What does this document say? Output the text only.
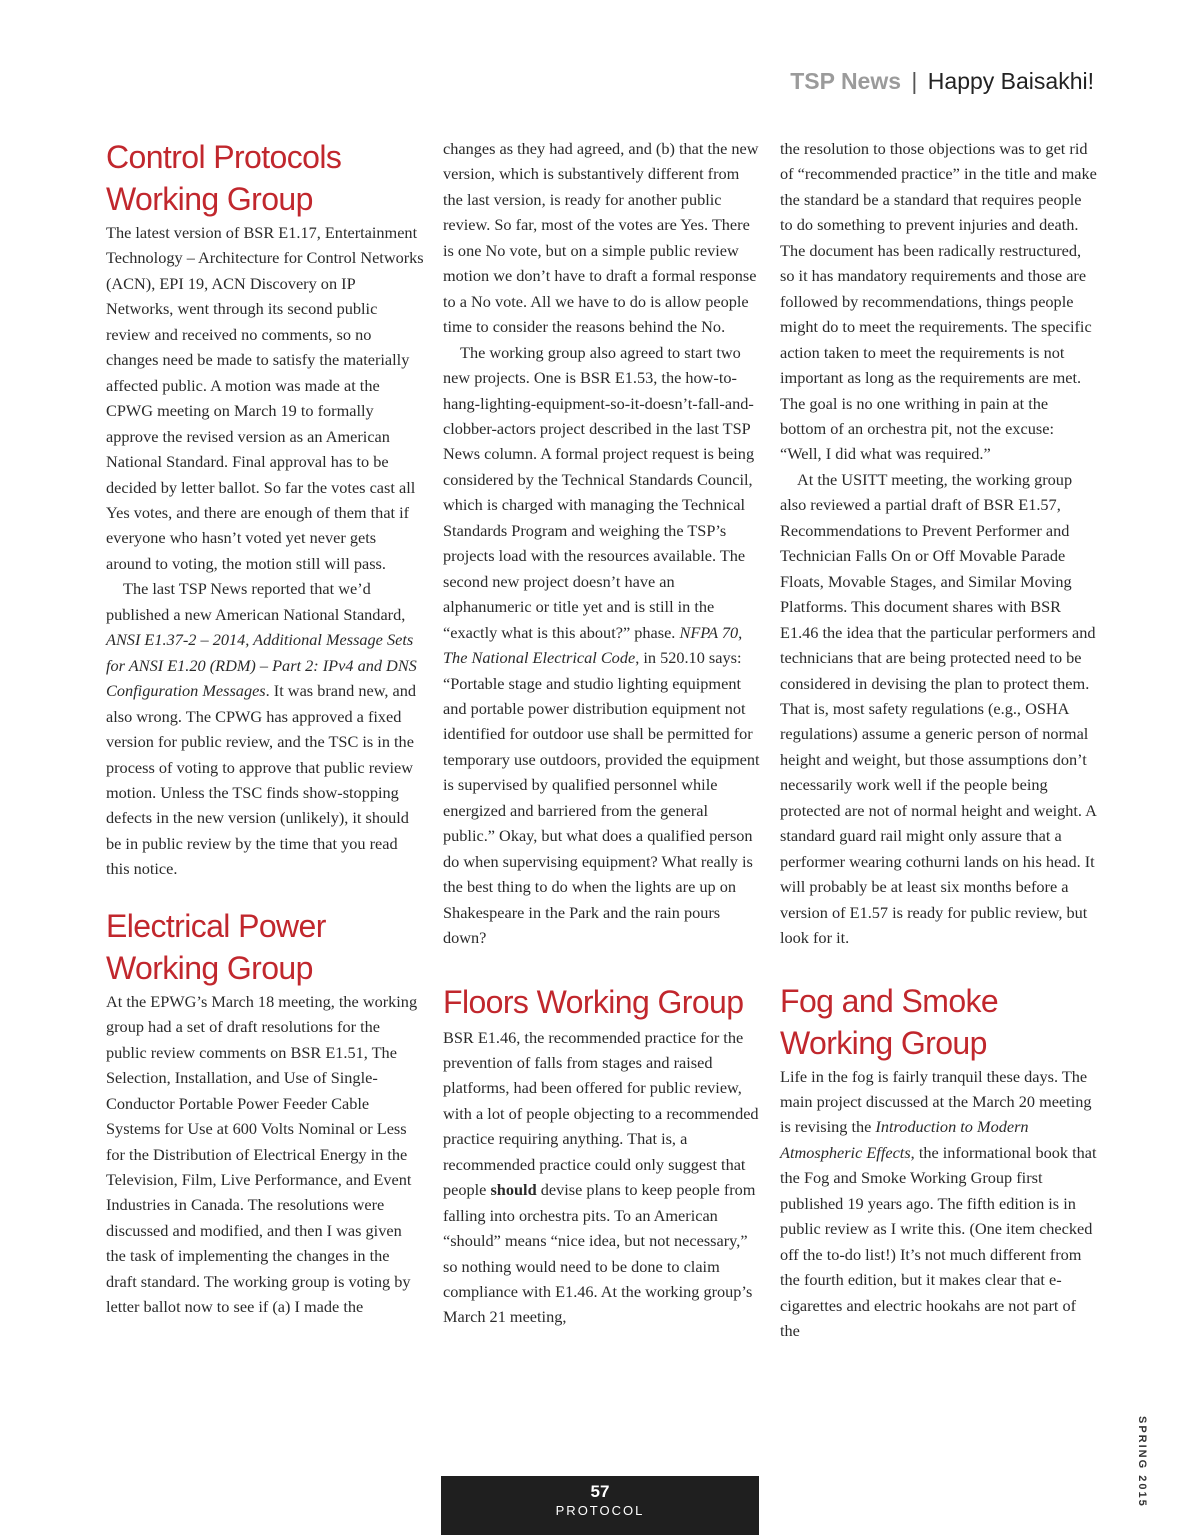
TSP News | Happy Baisakhi!
Control Protocols Working Group

The latest version of BSR E1.17, Entertainment Technology – Architecture for Control Networks (ACN), EPI 19, ACN Discovery on IP Networks, went through its second public review and received no comments, so no changes need be made to satisfy the materially affected public. A motion was made at the CPWG meeting on March 19 to formally approve the revised version as an American National Standard. Final approval has to be decided by letter ballot. So far the votes cast all Yes votes, and there are enough of them that if everyone who hasn’t voted yet never gets around to voting, the motion still will pass.

The last TSP News reported that we’d published a new American National Standard, ANSI E1.37-2 – 2014, Additional Message Sets for ANSI E1.20 (RDM) – Part 2: IPv4 and DNS Configuration Messages. It was brand new, and also wrong. The CPWG has approved a fixed version for public review, and the TSC is in the process of voting to approve that public review motion. Unless the TSC finds show-stopping defects in the new version (unlikely), it should be in public review by the time that you read this notice.

Electrical Power Working Group

At the EPWG’s March 18 meeting, the working group had a set of draft resolutions for the public review comments on BSR E1.51, The Selection, Installation, and Use of Single-Conductor Portable Power Feeder Cable Systems for Use at 600 Volts Nominal or Less for the Distribution of Electrical Energy in the Television, Film, Live Performance, and Event Industries in Canada. The resolutions were discussed and modified, and then I was given the task of implementing the changes in the draft standard. The working group is voting by letter ballot now to see if (a) I made the

changes as they had agreed, and (b) that the new version, which is substantively different from the last version, is ready for another public review. So far, most of the votes are Yes. There is one No vote, but on a simple public review motion we don’t have to draft a formal response to a No vote. All we have to do is allow people time to consider the reasons behind the No.

The working group also agreed to start two new projects. One is BSR E1.53, the how-to-hang-lighting-equipment-so-it-doesn’t-fall-and-clobber-actors project described in the last TSP News column. A formal project request is being considered by the Technical Standards Council, which is charged with managing the Technical Standards Program and weighing the TSP’s projects load with the resources available. The second new project doesn’t have an alphanumeric or title yet and is still in the “exactly what is this about?” phase. NFPA 70, The National Electrical Code, in 520.10 says: “Portable stage and studio lighting equipment and portable power distribution equipment not identified for outdoor use shall be permitted for temporary use outdoors, provided the equipment is supervised by qualified personnel while energized and barriered from the general public.” Okay, but what does a qualified person do when supervising equipment? What really is the best thing to do when the lights are up on Shakespeare in the Park and the rain pours down?

Floors Working Group

BSR E1.46, the recommended practice for the prevention of falls from stages and raised platforms, had been offered for public review, with a lot of people objecting to a recommended practice requiring anything. That is, a recommended practice could only suggest that people should devise plans to keep people from falling into orchestra pits. To an American “should” means “nice idea, but not necessary,” so nothing would need to be done to claim compliance with E1.46. At the working group’s March 21 meeting,

the resolution to those objections was to get rid of “recommended practice” in the title and make the standard be a standard that requires people to do something to prevent injuries and death. The document has been radically restructured, so it has mandatory requirements and those are followed by recommendations, things people might do to meet the requirements. The specific action taken to meet the requirements is not important as long as the requirements are met. The goal is no one writhing in pain at the bottom of an orchestra pit, not the excuse: “Well, I did what was required.”

At the USITT meeting, the working group also reviewed a partial draft of BSR E1.57, Recommendations to Prevent Performer and Technician Falls On or Off Movable Parade Floats, Movable Stages, and Similar Moving Platforms. This document shares with BSR E1.46 the idea that the particular performers and technicians that are being protected need to be considered in devising the plan to protect them. That is, most safety regulations (e.g., OSHA regulations) assume a generic person of normal height and weight, but those assumptions don’t necessarily work well if the people being protected are not of normal height and weight. A standard guard rail might only assure that a performer wearing cothurni lands on his head. It will probably be at least six months before a version of E1.57 is ready for public review, but look for it.

Fog and Smoke Working Group

Life in the fog is fairly tranquil these days. The main project discussed at the March 20 meeting is revising the Introduction to Modern Atmospheric Effects, the informational book that the Fog and Smoke Working Group first published 19 years ago. The fifth edition is in public review as I write this. (One item checked off the to-do list!) It’s not much different from the fourth edition, but it makes clear that e-cigarettes and electric hookahs are not part of the

57
PROTOCOL
SPRING 2015
